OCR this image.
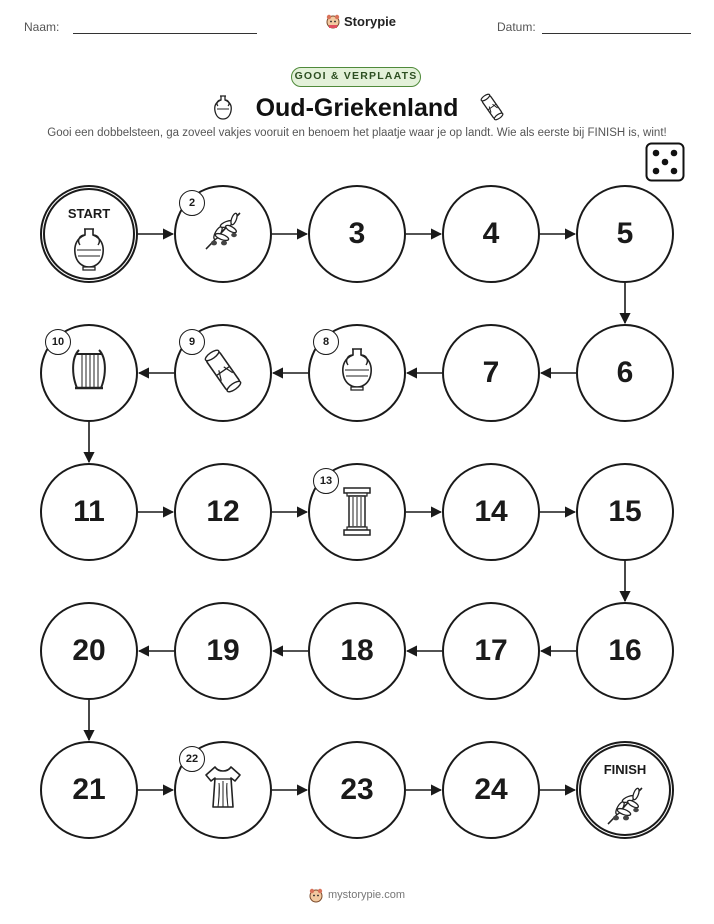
Naam:	Storypie	Datum:
GOOI & VERPLAATS
Oud-Griekenland
Gooi een dobbelsteen, ga zoveel vakjes vooruit en benoem het plaatje waar je op landt. Wie als eerste bij FINISH is, wint!
START
2
3	4	5
6
7
8
9
10
11	12
13
14	15
16
17
18
19
20
21
22
23	24
FINISH
mystorypie.com
